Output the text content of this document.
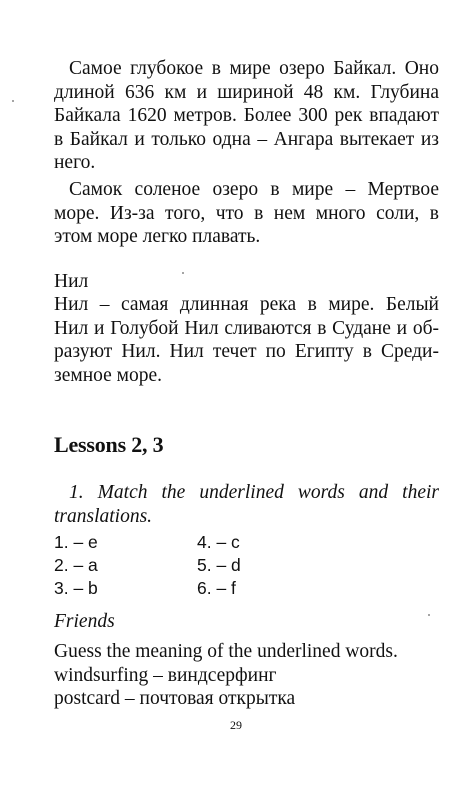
Самое глубокое в мире озеро Байкал. Оно
длиной 636 км и шириной 48 км. Глубина
Байкала 1620 метров. Более 300 рек впадают
в Байкал и только одна – Ангара вытекает из
него.
Самок соленое озеро в мире – Мертвое
море. Из-за того, что в нем много соли, в
этом море легко плавать.
Нил
Нил – самая длинная река в мире. Белый
Нил и Голубой Нил сливаются в Судане и об-
разуют Нил. Нил течет по Египту в Среди-
земное море.
Lessons 2, 3
1. Match the underlined words and their
translations.
1. – e
2. – a
3. – b
4. – c
5. – d
6. – f
Friends
Guess the meaning of the underlined words.
windsurfing – виндсерфинг
postcard – почтовая открытка
29
